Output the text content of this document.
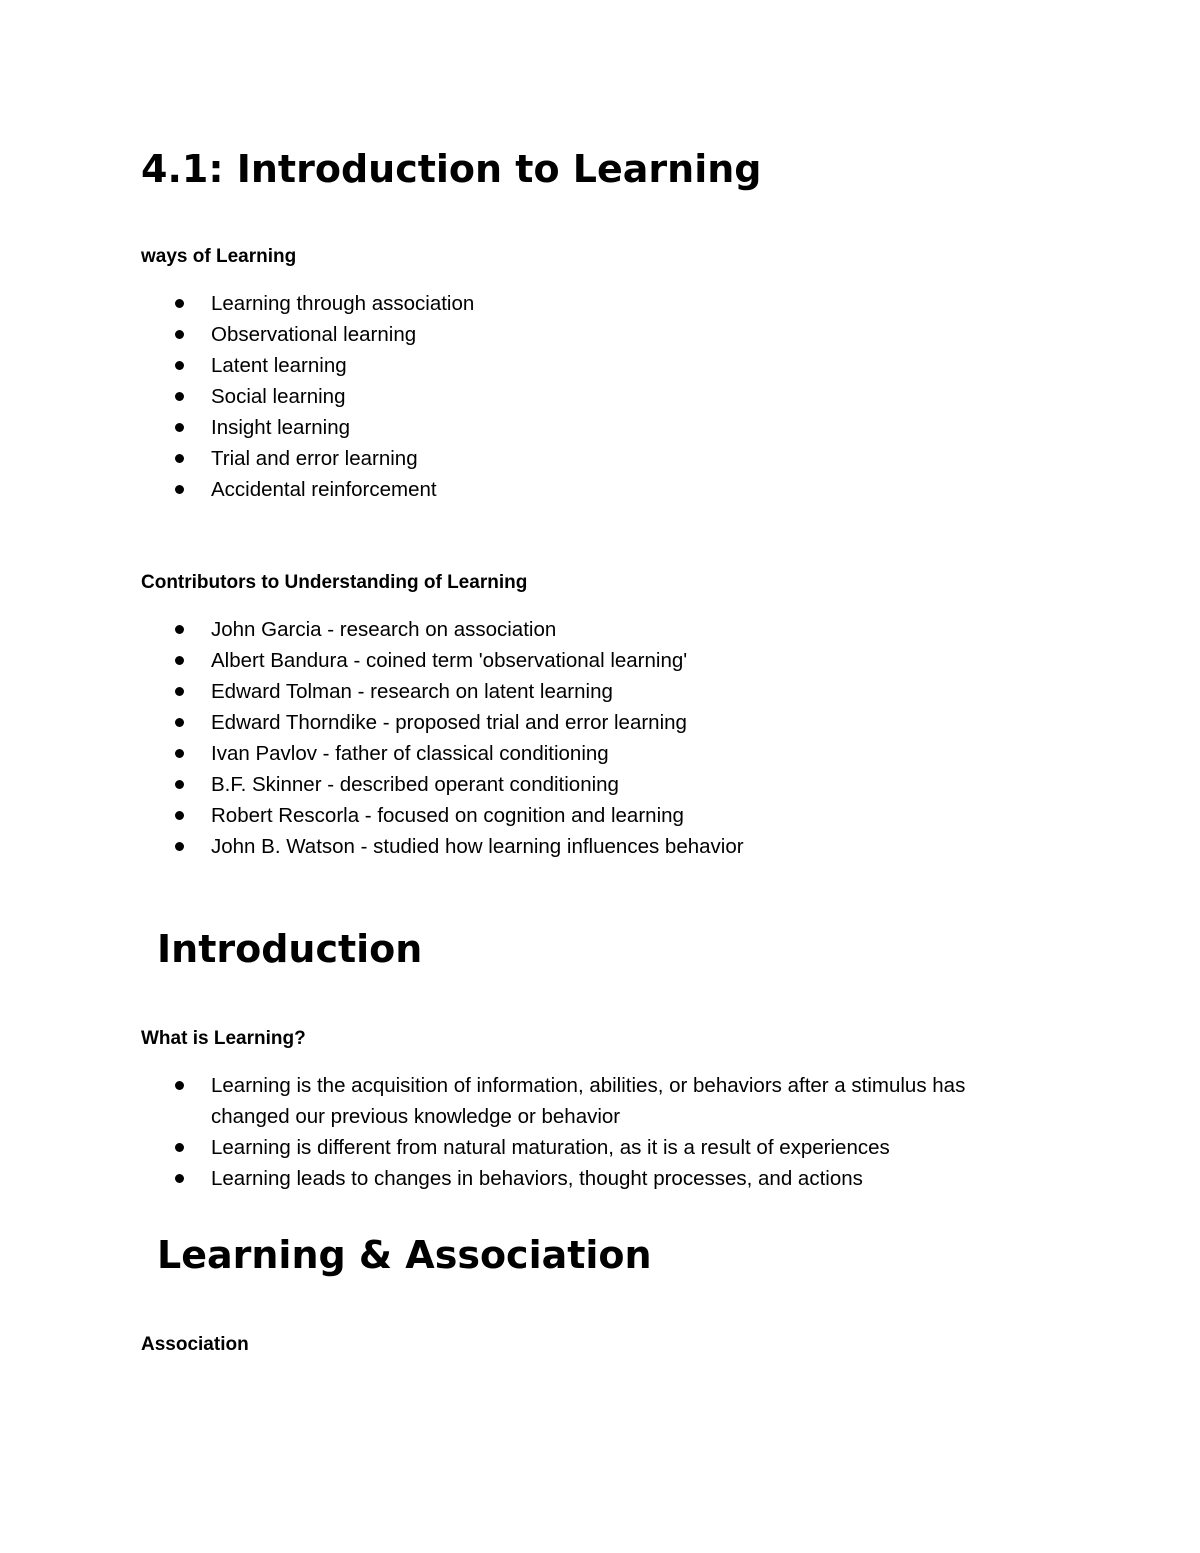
4.1: Introduction to Learning

ways of Learning

Learning through association
Observational learning
Latent learning
Social learning
Insight learning
Trial and error learning
Accidental reinforcement

Contributors to Understanding of Learning

John Garcia - research on association
Albert Bandura - coined term 'observational learning'
Edward Tolman - research on latent learning
Edward Thorndike - proposed trial and error learning
Ivan Pavlov - father of classical conditioning
B.F. Skinner - described operant conditioning
Robert Rescorla - focused on cognition and learning
John B. Watson - studied how learning influences behavior
Introduction

What is Learning?

Learning is the acquisition of information, abilities, or behaviors after a stimulus has changed our previous knowledge or behavior
Learning is different from natural maturation, as it is a result of experiences
Learning leads to changes in behaviors, thought processes, and actions
Learning & Association

Association
